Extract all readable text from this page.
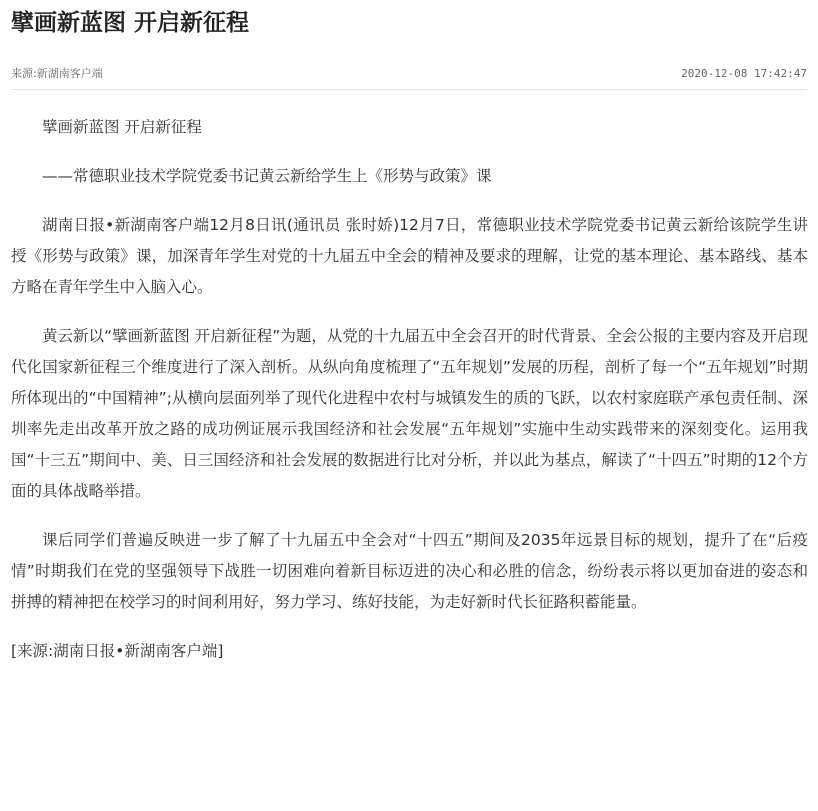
擘画新蓝图 开启新征程
来源:新湖南客户端	2020-12-08 17:42:47

擘画新蓝图 开启新征程

——常德职业技术学院党委书记黄云新给学生上《形势与政策》课

湖南日报•新湖南客户端12月8日讯(通讯员 张时娇)12月7日，常德职业技术学院党委书记黄云新给该院学生讲授《形势与政策》课，加深青年学生对党的十九届五中全会的精神及要求的理解，让党的基本理论、基本路线、基本方略在青年学生中入脑入心。

黄云新以“擘画新蓝图 开启新征程”为题，从党的十九届五中全会召开的时代背景、全会公报的主要内容及开启现代化国家新征程三个维度进行了深入剖析。从纵向角度梳理了“五年规划”发展的历程，剖析了每一个“五年规划”时期所体现出的“中国精神”;从横向层面列举了现代化进程中农村与城镇发生的质的飞跃，以农村家庭联产承包责任制、深圳率先走出改革开放之路的成功例证展示我国经济和社会发展“五年规划”实施中生动实践带来的深刻变化。运用我国“十三五”期间中、美、日三国经济和社会发展的数据进行比对分析，并以此为基点，解读了“十四五”时期的12个方面的具体战略举措。

课后同学们普遍反映进一步了解了十九届五中全会对“十四五”期间及2035年远景目标的规划，提升了在“后疫情”时期我们在党的坚强领导下战胜一切困难向着新目标迈进的决心和必胜的信念，纷纷表示将以更加奋进的姿态和拼搏的精神把在校学习的时间利用好，努力学习、练好技能，为走好新时代长征路积蓄能量。

[来源:湖南日报•新湖南客户端]
